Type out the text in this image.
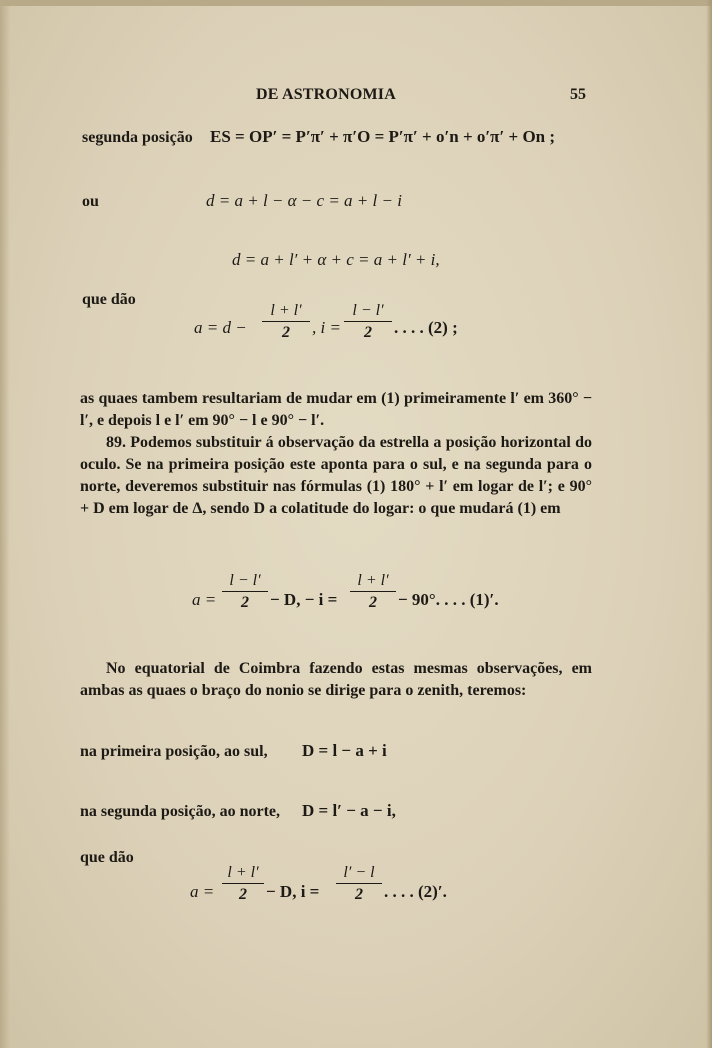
DE ASTRONOMIA	55
segunda posição ES = OP′ = P′π′ + π′O = P′π′ + o′n + o′π′ + On ;
ou	d = a + l − α − c = a + l − i
d = a + l′ + α + c = a + l′ + i,
que dão
a = d −
l + l′
2	, i =
l − l′
2	. . . . (2) ;
as quaes tambem resultariam de mudar em (1) primeiramente l′ em 360° − l′, e depois l e l′ em 90° − l e 90° − l′.
89. Podemos substituir á observação da estrella a posição horizontal do oculo. Se na primeira posição este aponta para o sul, e na segunda para o norte, deveremos substituir nas fórmulas (1) 180° + l′ em logar de l′; e 90° + D em logar de Δ, sendo D a colatitude do logar: o que mudará (1) em
a =
l − l′
2	− D, − i =
l + l′
2	− 90°. . . . (1)′.
No equatorial de Coimbra fazendo estas mesmas observações, em ambas as quaes o braço do nonio se dirige para o zenith, teremos:
na primeira posição, ao sul, D = l − a + i
na segunda posição, ao norte, D = l′ − a − i,
que dão
a =
l + l′
2	− D, i =
l′ − l
2	. . . . (2)′.
